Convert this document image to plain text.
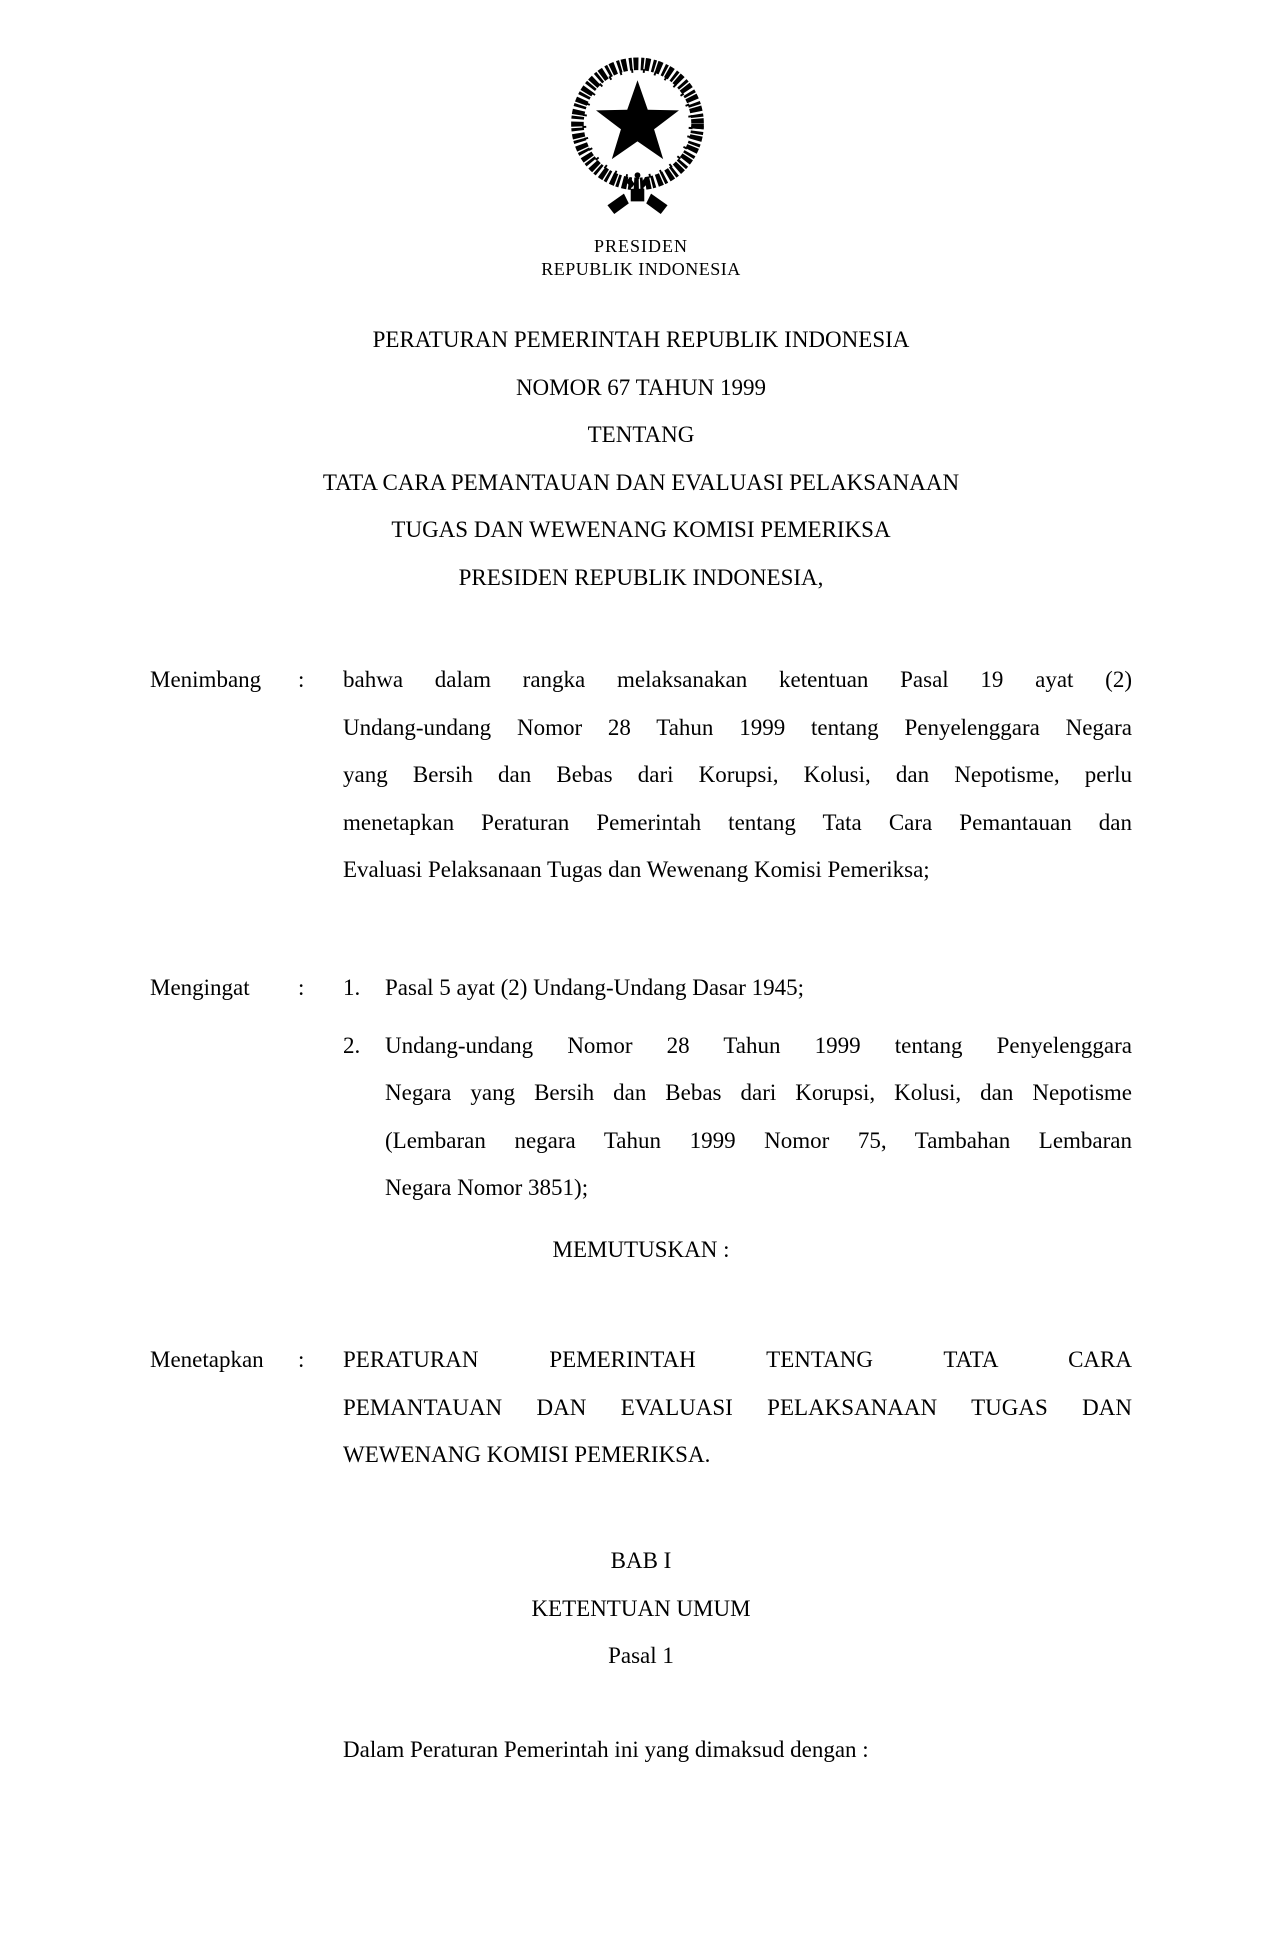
PRESIDEN
REPUBLIK INDONESIA
PERATURAN PEMERINTAH REPUBLIK INDONESIA
NOMOR 67 TAHUN 1999
TENTANG
TATA CARA PEMANTAUAN DAN EVALUASI PELAKSANAAN
TUGAS DAN WEWENANG KOMISI PEMERIKSA
PRESIDEN REPUBLIK INDONESIA,
Menimbang	:	bahwa dalam rangka melaksanakan ketentuan Pasal 19 ayat (2)
Undang-undang Nomor 28 Tahun 1999 tentang Penyelenggara Negara
yang Bersih dan Bebas dari Korupsi, Kolusi, dan Nepotisme, perlu
menetapkan Peraturan Pemerintah tentang Tata Cara Pemantauan dan
Evaluasi Pelaksanaan Tugas dan Wewenang Komisi Pemeriksa;
Mengingat	:	1.	Pasal 5 ayat (2) Undang-Undang Dasar 1945;
2.	Undang-undang Nomor 28 Tahun 1999 tentang Penyelenggara
Negara yang Bersih dan Bebas dari Korupsi, Kolusi, dan Nepotisme
(Lembaran negara Tahun 1999 Nomor 75, Tambahan Lembaran
Negara Nomor 3851);
MEMUTUSKAN :
Menetapkan	:	PERATURAN PEMERINTAH TENTANG TATA CARA
PEMANTAUAN DAN EVALUASI PELAKSANAAN TUGAS DAN
WEWENANG KOMISI PEMERIKSA.
BAB I
KETENTUAN UMUM
Pasal 1
Dalam Peraturan Pemerintah ini yang dimaksud dengan :
